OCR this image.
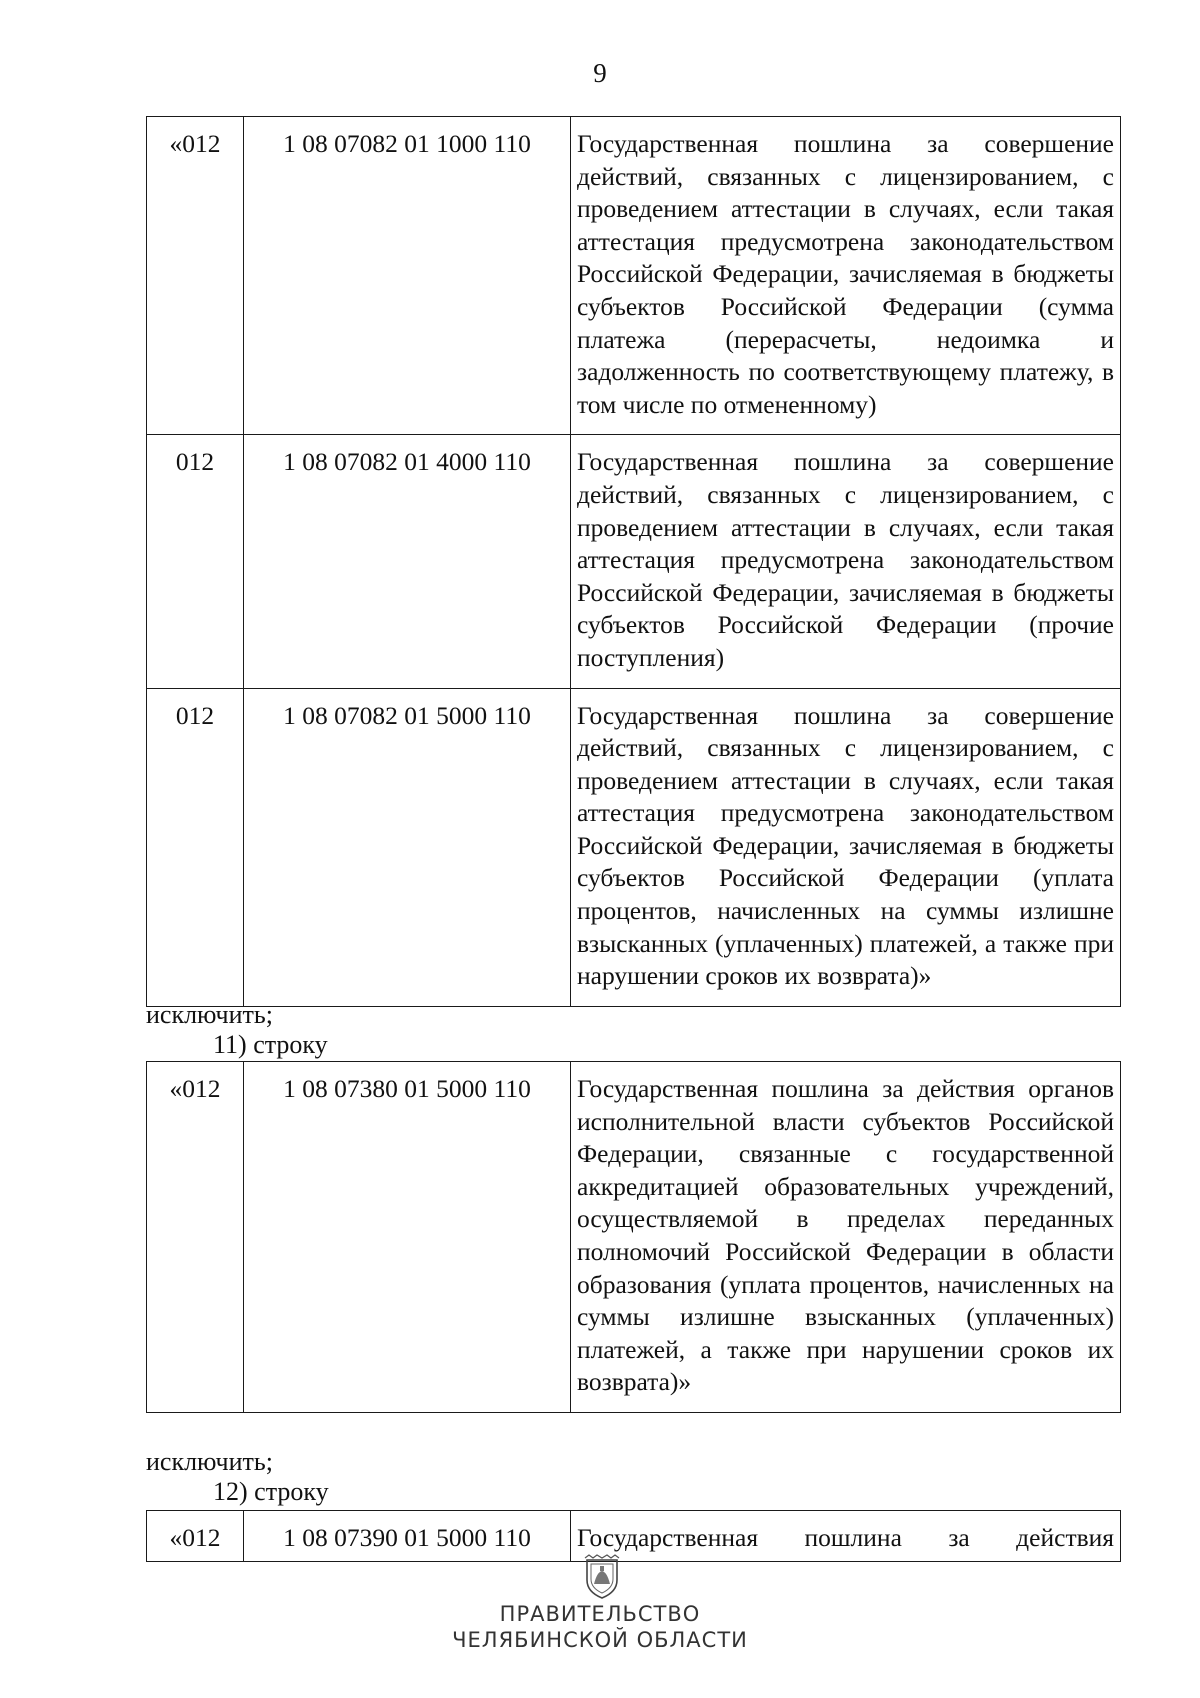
9
«012	1 08 07082 01 1000 110	Государственная пошлина за совершение действий, связанных с лицензированием, с проведением аттестации в случаях, если такая аттестация предусмотрена законодательством Российской Федерации, зачисляемая в бюджеты субъектов Российской Федерации (сумма платежа (перерасчеты, недоимка и задолженность по соответствующему платежу, в том числе по отмененному)
012	1 08 07082 01 4000 110	Государственная пошлина за совершение действий, связанных с лицензированием, с проведением аттестации в случаях, если такая аттестация предусмотрена законодательством Российской Федерации, зачисляемая в бюджеты субъектов Российской Федерации (прочие поступления)
012	1 08 07082 01 5000 110	Государственная пошлина за совершение действий, связанных с лицензированием, с проведением аттестации в случаях, если такая аттестация предусмотрена законодательством Российской Федерации, зачисляемая в бюджеты субъектов Российской Федерации (уплата процентов, начисленных на суммы излишне взысканных (уплаченных) платежей, а также при нарушении сроков их возврата)»
исключить;
11) строку
«012	1 08 07380 01 5000 110	Государственная пошлина за действия органов исполнительной власти субъектов Российской Федерации, связанные с государственной аккредитацией образовательных учреждений, осуществляемой в пределах переданных полномочий Российской Федерации в области образования (уплата процентов, начисленных на суммы излишне взысканных (уплаченных) платежей, а также при нарушении сроков их возврата)»
исключить;
12) строку
«012	1 08 07390 01 5000 110	Государственная пошлина за действия
ПРАВИТЕЛЬСТВО
ЧЕЛЯБИНСКОЙ ОБЛАСТИ
